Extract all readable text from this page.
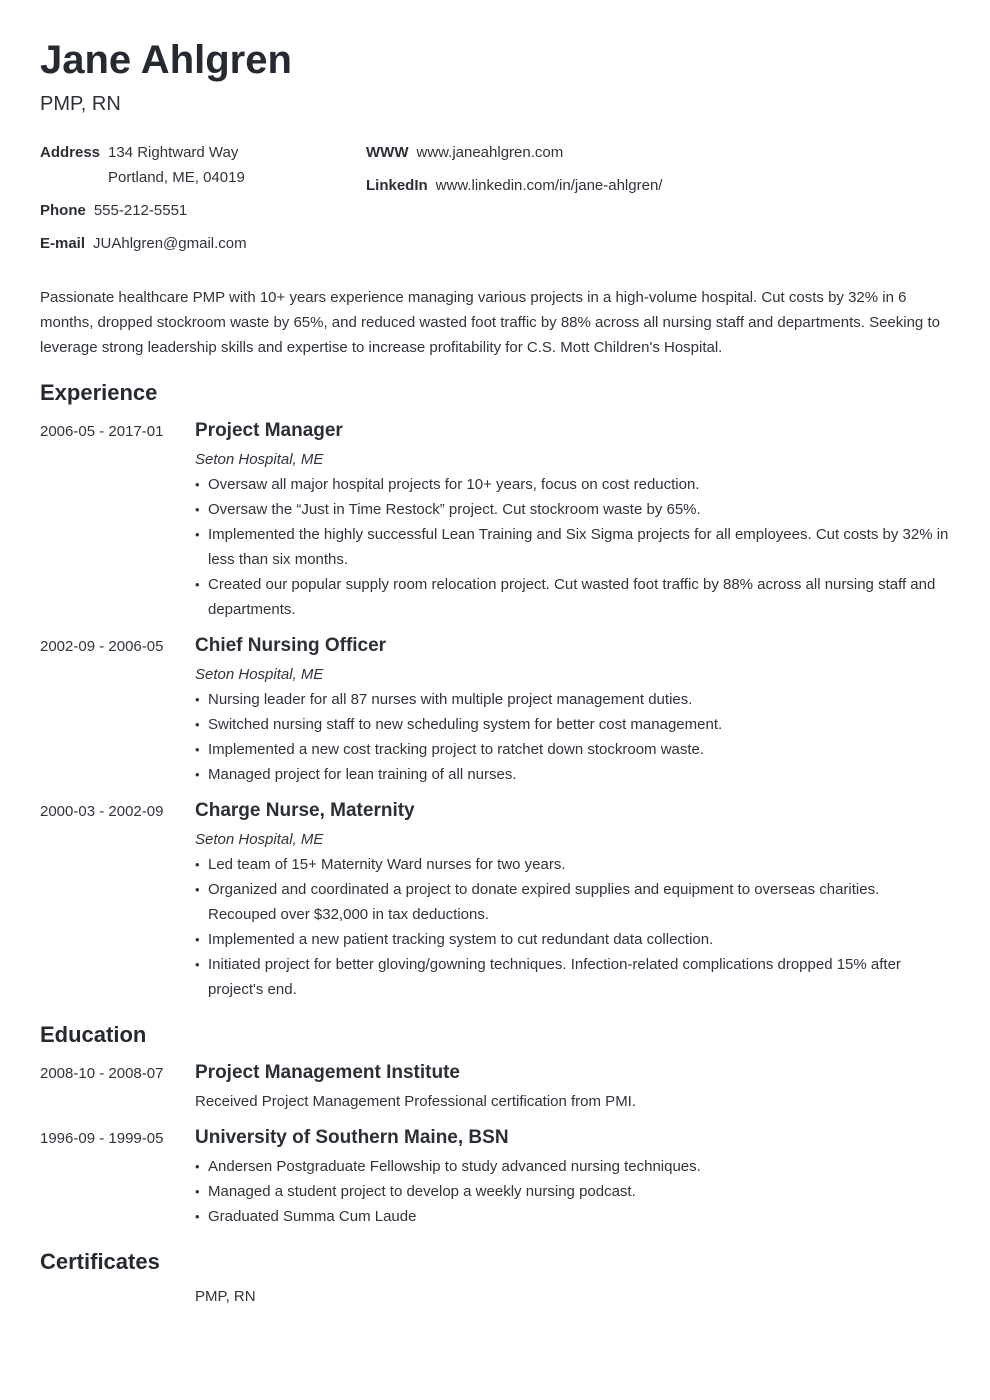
Jane Ahlgren
PMP, RN
Address 134 Rightward Way
Portland, ME, 04019
Phone 555-212-5551
E-mail JUAhlgren@gmail.com
WWW www.janeahlgren.com
LinkedIn www.linkedin.com/in/jane-ahlgren/
Passionate healthcare PMP with 10+ years experience managing various projects in a high-volume hospital. Cut costs by 32% in 6 months, dropped stockroom waste by 65%, and reduced wasted foot traffic by 88% across all nursing staff and departments. Seeking to leverage strong leadership skills and expertise to increase profitability for C.S. Mott Children's Hospital.
Experience
2006-05 - 2017-01 Project Manager
Seton Hospital, ME
• Oversaw all major hospital projects for 10+ years, focus on cost reduction.
• Oversaw the “Just in Time Restock” project. Cut stockroom waste by 65%.
• Implemented the highly successful Lean Training and Six Sigma projects for all employees. Cut costs by 32% in less than six months.
• Created our popular supply room relocation project. Cut wasted foot traffic by 88% across all nursing staff and departments.
2002-09 - 2006-05 Chief Nursing Officer
Seton Hospital, ME
• Nursing leader for all 87 nurses with multiple project management duties.
• Switched nursing staff to new scheduling system for better cost management.
• Implemented a new cost tracking project to ratchet down stockroom waste.
• Managed project for lean training of all nurses.
2000-03 - 2002-09 Charge Nurse, Maternity
Seton Hospital, ME
• Led team of 15+ Maternity Ward nurses for two years.
• Organized and coordinated a project to donate expired supplies and equipment to overseas charities. Recouped over $32,000 in tax deductions.
• Implemented a new patient tracking system to cut redundant data collection.
• Initiated project for better gloving/gowning techniques. Infection-related complications dropped 15% after project's end.
Education
2008-10 - 2008-07 Project Management Institute
Received Project Management Professional certification from PMI.
1996-09 - 1999-05 University of Southern Maine, BSN
• Andersen Postgraduate Fellowship to study advanced nursing techniques.
• Managed a student project to develop a weekly nursing podcast.
• Graduated Summa Cum Laude
Certificates
PMP, RN
